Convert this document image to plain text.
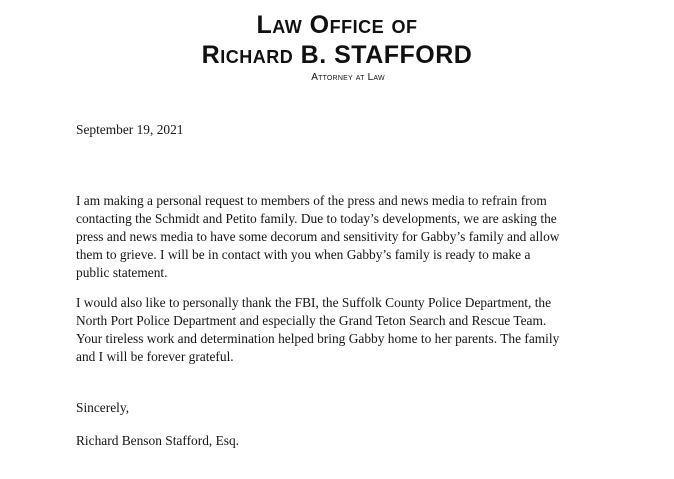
Law Office of
Richard B. STAFFORD
Attorney at Law
September 19, 2021
I am making a personal request to members of the press and news media to refrain from
contacting the Schmidt and Petito family. Due to today’s developments, we are asking the
press and news media to have some decorum and sensitivity for Gabby’s family and allow
them to grieve. I will be in contact with you when Gabby’s family is ready to make a
public statement.
I would also like to personally thank the FBI, the Suffolk County Police Department, the
North Port Police Department and especially the Grand Teton Search and Rescue Team.
Your tireless work and determination helped bring Gabby home to her parents. The family
and I will be forever grateful.
Sincerely,
Richard Benson Stafford, Esq.
